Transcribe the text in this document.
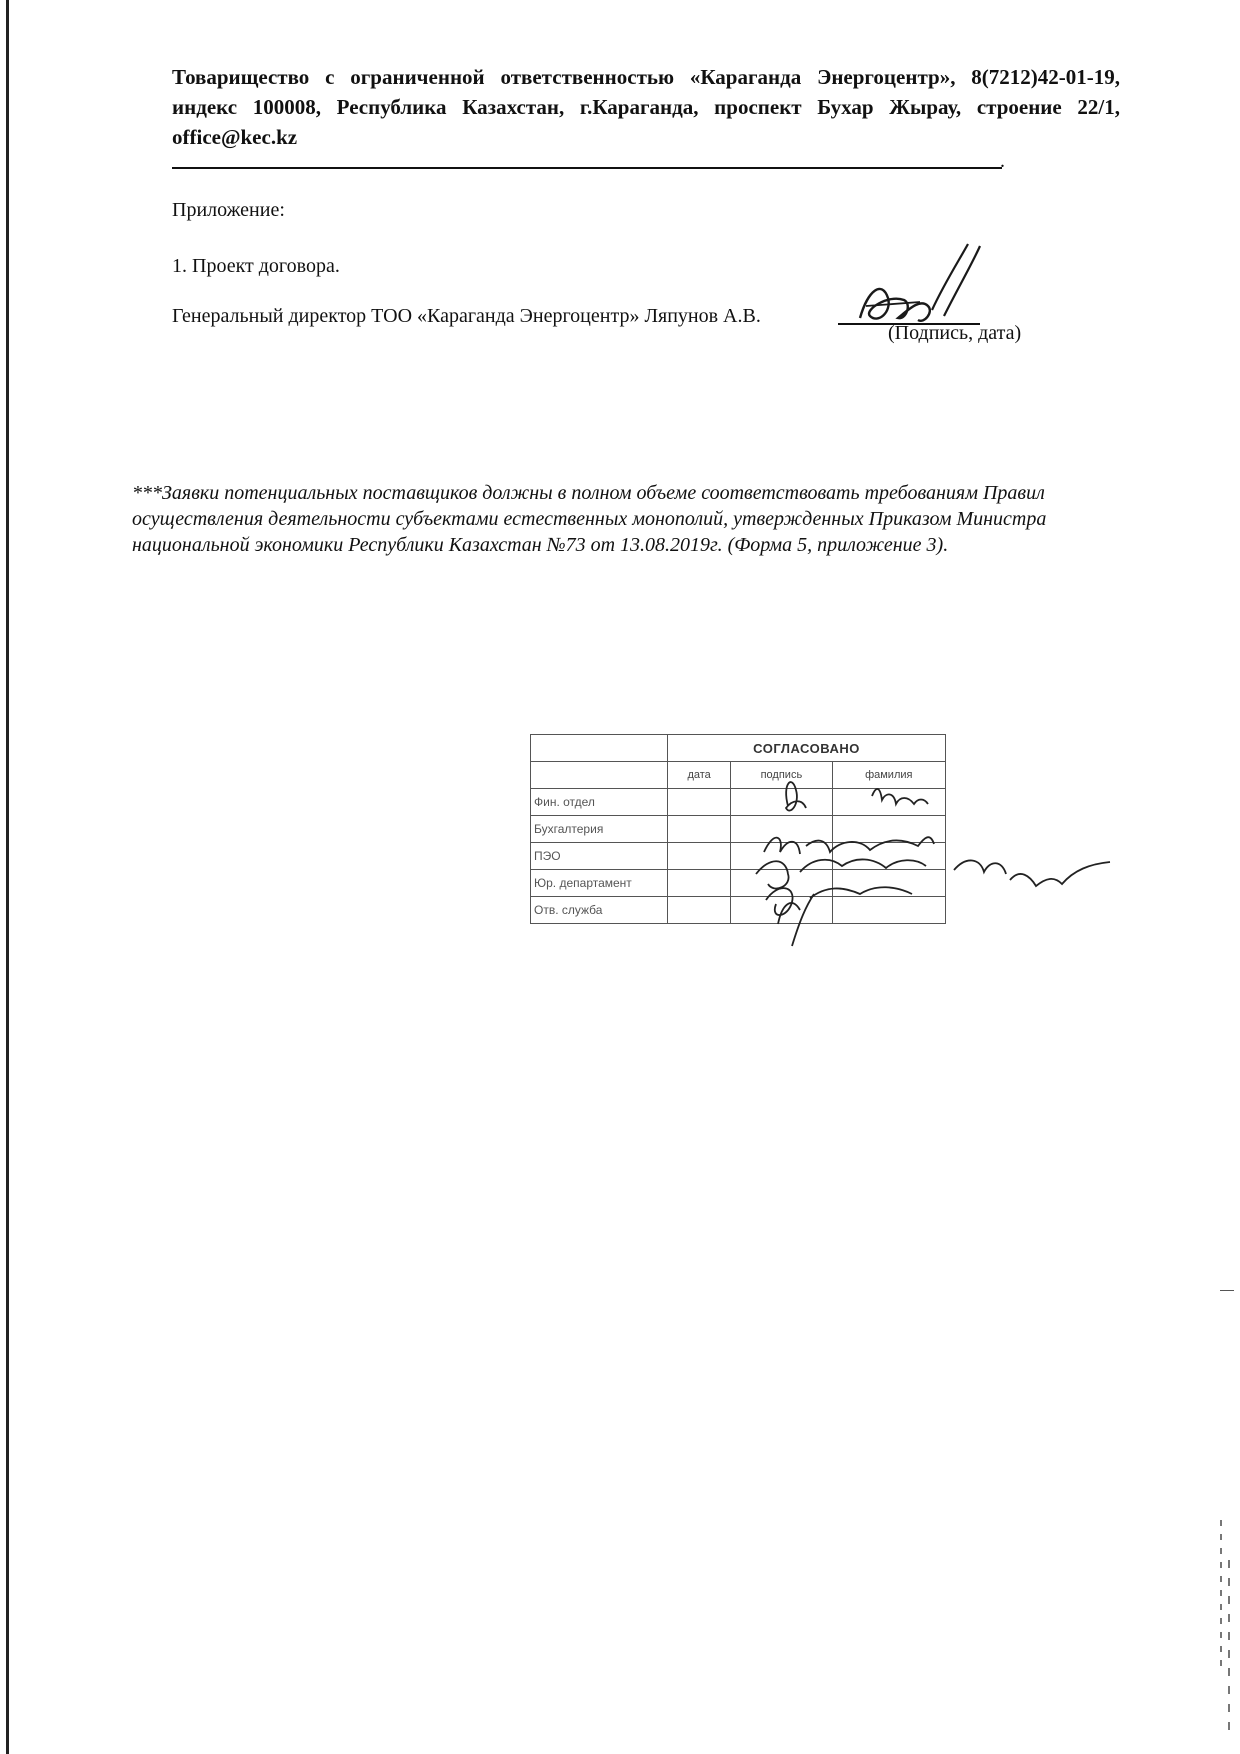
Товарищество с ограниченной ответственностью «Караганда Энергоцентр», 8(7212)42-01-19, индекс 100008, Республика Казахстан, г.Караганда, проспект Бухар Жырау, строение 22/1, office@kec.kz
.
Приложение:
1. Проект договора.
Генеральный директор ТОО «Караганда Энергоцентр» Ляпунов А.В.
(Подпись, дата)
***Заявки потенциальных поставщиков должны в полном объеме соответствовать требованиям Правил осуществления деятельности субъектами естественных монополий, утвержденных Приказом Министра национальной экономики Республики Казахстан №73 от 13.08.2019г. (Форма 5, приложение 3).
	СОГЛАСОВАНО		
	дата	подпись	фамилия
Фин. отдел			
Бухгалтерия			
ПЭО			
Юр. департамент			
Отв. служба			
